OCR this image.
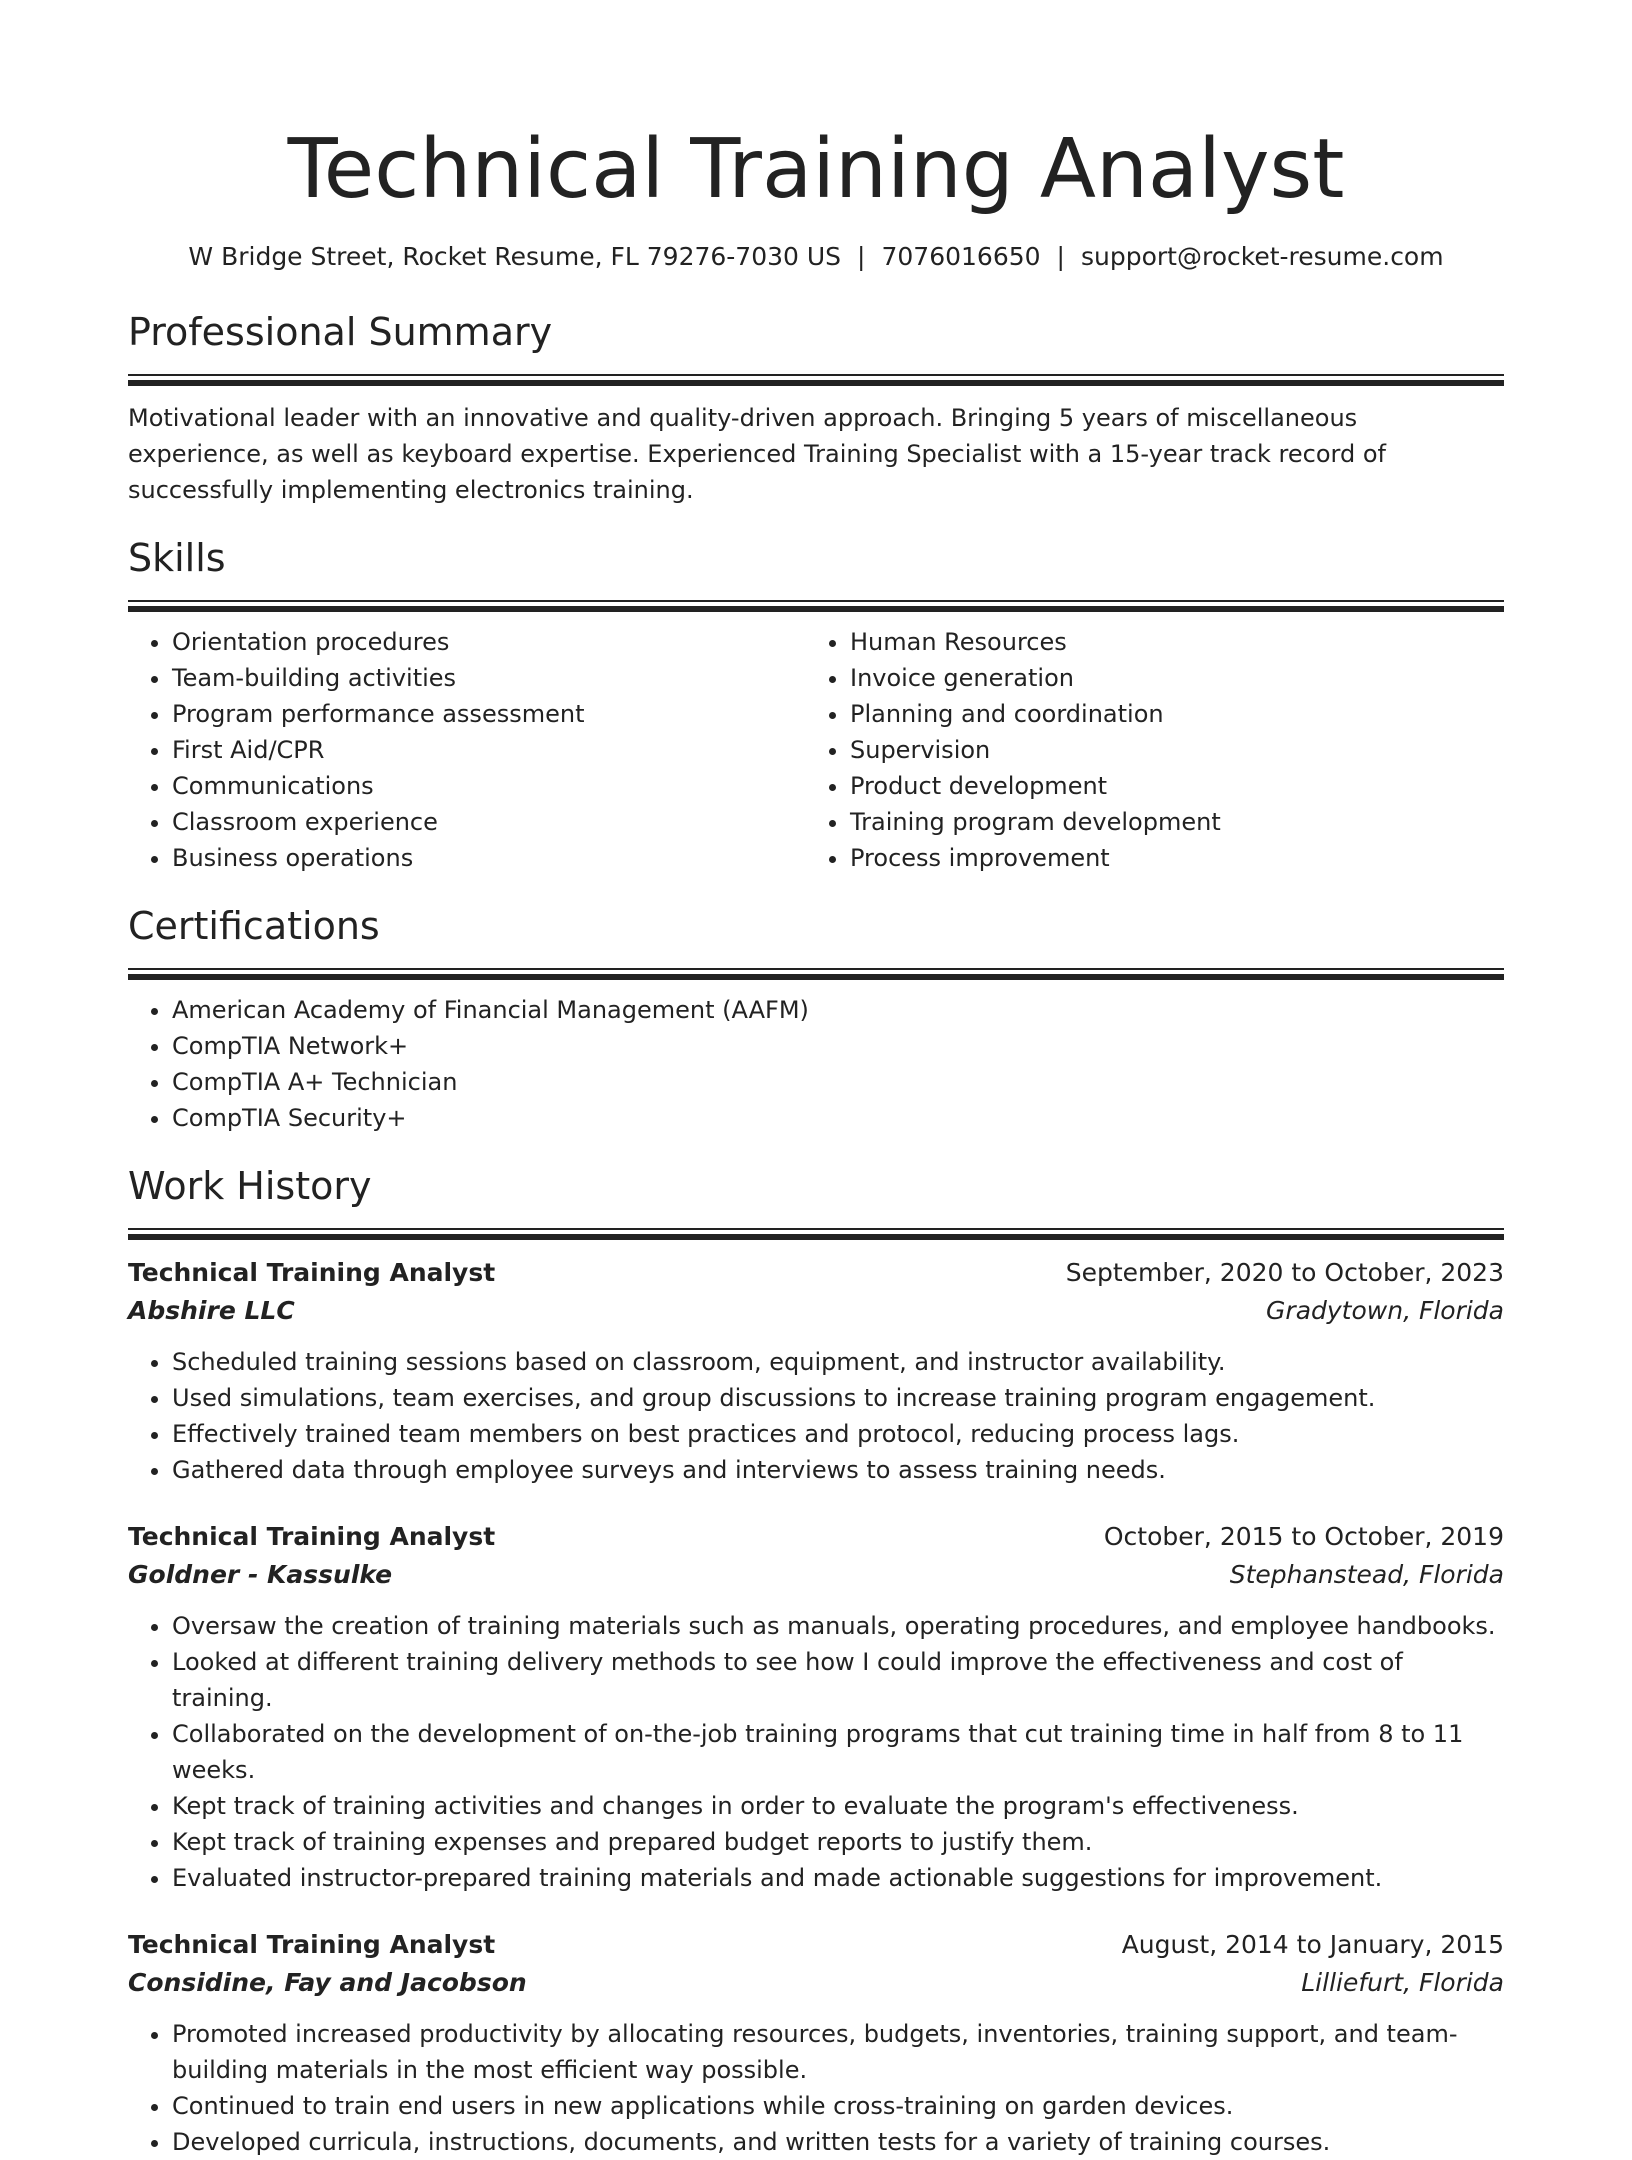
Technical Training Analyst
W Bridge Street, Rocket Resume, FL 79276-7030 US | 7076016650 | support@rocket-resume.com
Professional Summary
Motivational leader with an innovative and quality-driven approach. Bringing 5 years of miscellaneous experience, as well as keyboard expertise. Experienced Training Specialist with a 15-year track record of successfully implementing electronics training.
Skills
• Orientation procedures
• Team-building activities
• Program performance assessment
• First Aid/CPR
• Communications
• Classroom experience
• Business operations
• Human Resources
• Invoice generation
• Planning and coordination
• Supervision
• Product development
• Training program development
• Process improvement
Certifications
• American Academy of Financial Management (AAFM)
• CompTIA Network+
• CompTIA A+ Technician
• CompTIA Security+
Work History
Technical Training Analyst	September, 2020 to October, 2023
Abshire LLC	Gradytown, Florida
• Scheduled training sessions based on classroom, equipment, and instructor availability.
• Used simulations, team exercises, and group discussions to increase training program engagement.
• Effectively trained team members on best practices and protocol, reducing process lags.
• Gathered data through employee surveys and interviews to assess training needs.
Technical Training Analyst	October, 2015 to October, 2019
Goldner - Kassulke	Stephanstead, Florida
• Oversaw the creation of training materials such as manuals, operating procedures, and employee handbooks.
• Looked at different training delivery methods to see how I could improve the effectiveness and cost of training.
• Collaborated on the development of on-the-job training programs that cut training time in half from 8 to 11 weeks.
• Kept track of training activities and changes in order to evaluate the program's effectiveness.
• Kept track of training expenses and prepared budget reports to justify them.
• Evaluated instructor-prepared training materials and made actionable suggestions for improvement.
Technical Training Analyst	August, 2014 to January, 2015
Considine, Fay and Jacobson	Lilliefurt, Florida
• Promoted increased productivity by allocating resources, budgets, inventories, training support, and team-building materials in the most efficient way possible.
• Continued to train end users in new applications while cross-training on garden devices.
• Developed curricula, instructions, documents, and written tests for a variety of training courses.
